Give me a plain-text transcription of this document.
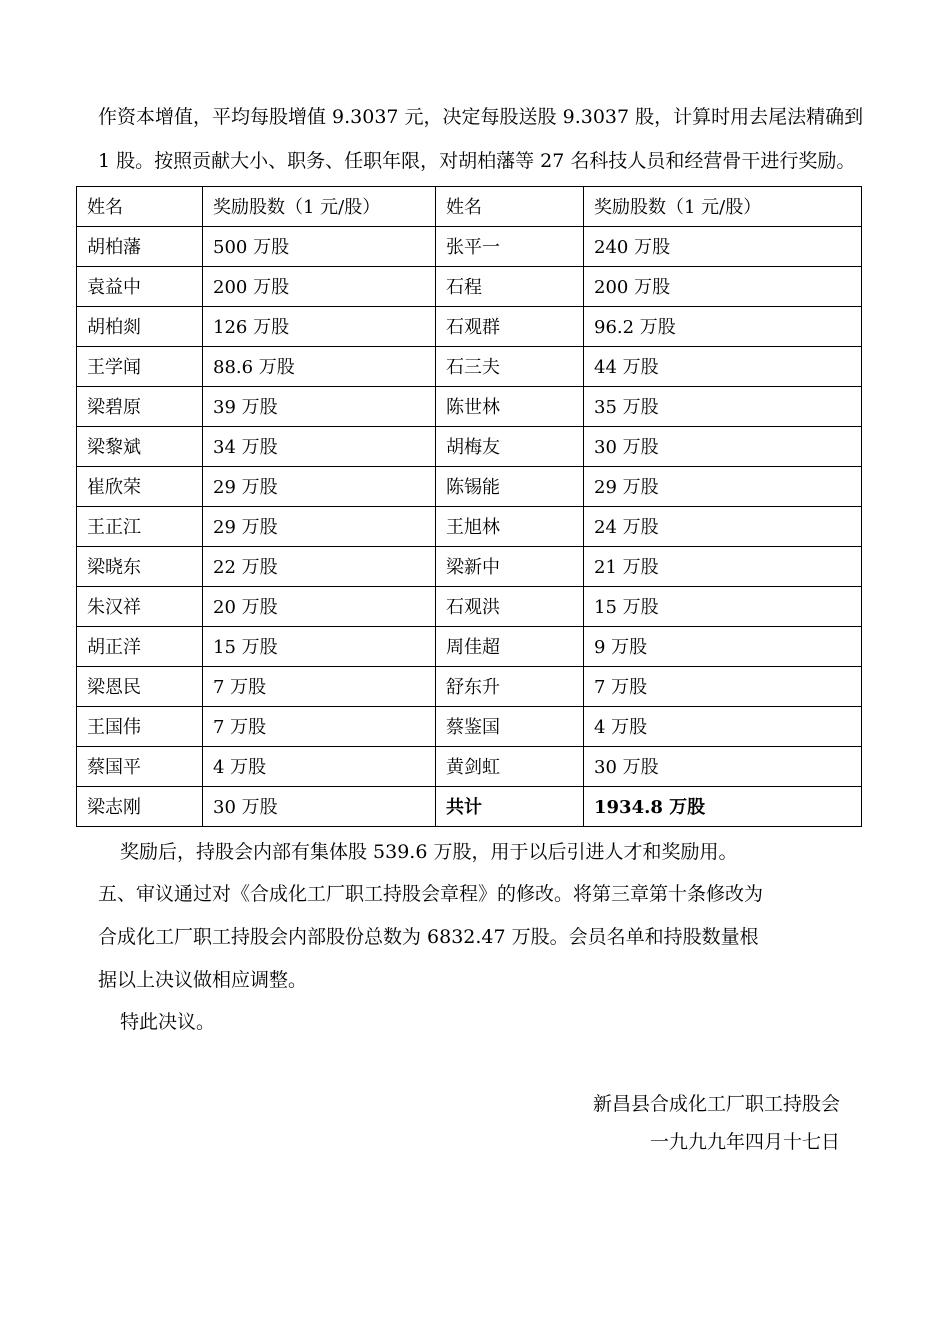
作资本增值，平均每股增值 9.3037 元，决定每股送股 9.3037 股，计算时用去尾法精确到
1 股。按照贡献大小、职务、任职年限，对胡柏藩等 27 名科技人员和经营骨干进行奖励。
姓名	奖励股数（1 元/股）	姓名	奖励股数（1 元/股）
胡柏藩	500 万股	张平一	240 万股
袁益中	200 万股	石程	200 万股
胡柏剡	126 万股	石观群	96.2 万股
王学闻	88.6 万股	石三夫	44 万股
梁碧原	39 万股	陈世林	35 万股
梁黎斌	34 万股	胡梅友	30 万股
崔欣荣	29 万股	陈锡能	29 万股
王正江	29 万股	王旭林	24 万股
梁晓东	22 万股	梁新中	21 万股
朱汉祥	20 万股	石观洪	15 万股
胡正洋	15 万股	周佳超	9 万股
梁恩民	7 万股	舒东升	7 万股
王国伟	7 万股	蔡鉴国	4 万股
蔡国平	4 万股	黄剑虹	30 万股
梁志刚	30 万股	共计	1934.8 万股
奖励后，持股会内部有集体股 539.6 万股，用于以后引进人才和奖励用。
五、审议通过对《合成化工厂职工持股会章程》的修改。将第三章第十条修改为
合成化工厂职工持股会内部股份总数为 6832.47 万股。会员名单和持股数量根
据以上决议做相应调整。
特此决议。
新昌县合成化工厂职工持股会
一九九九年四月十七日
